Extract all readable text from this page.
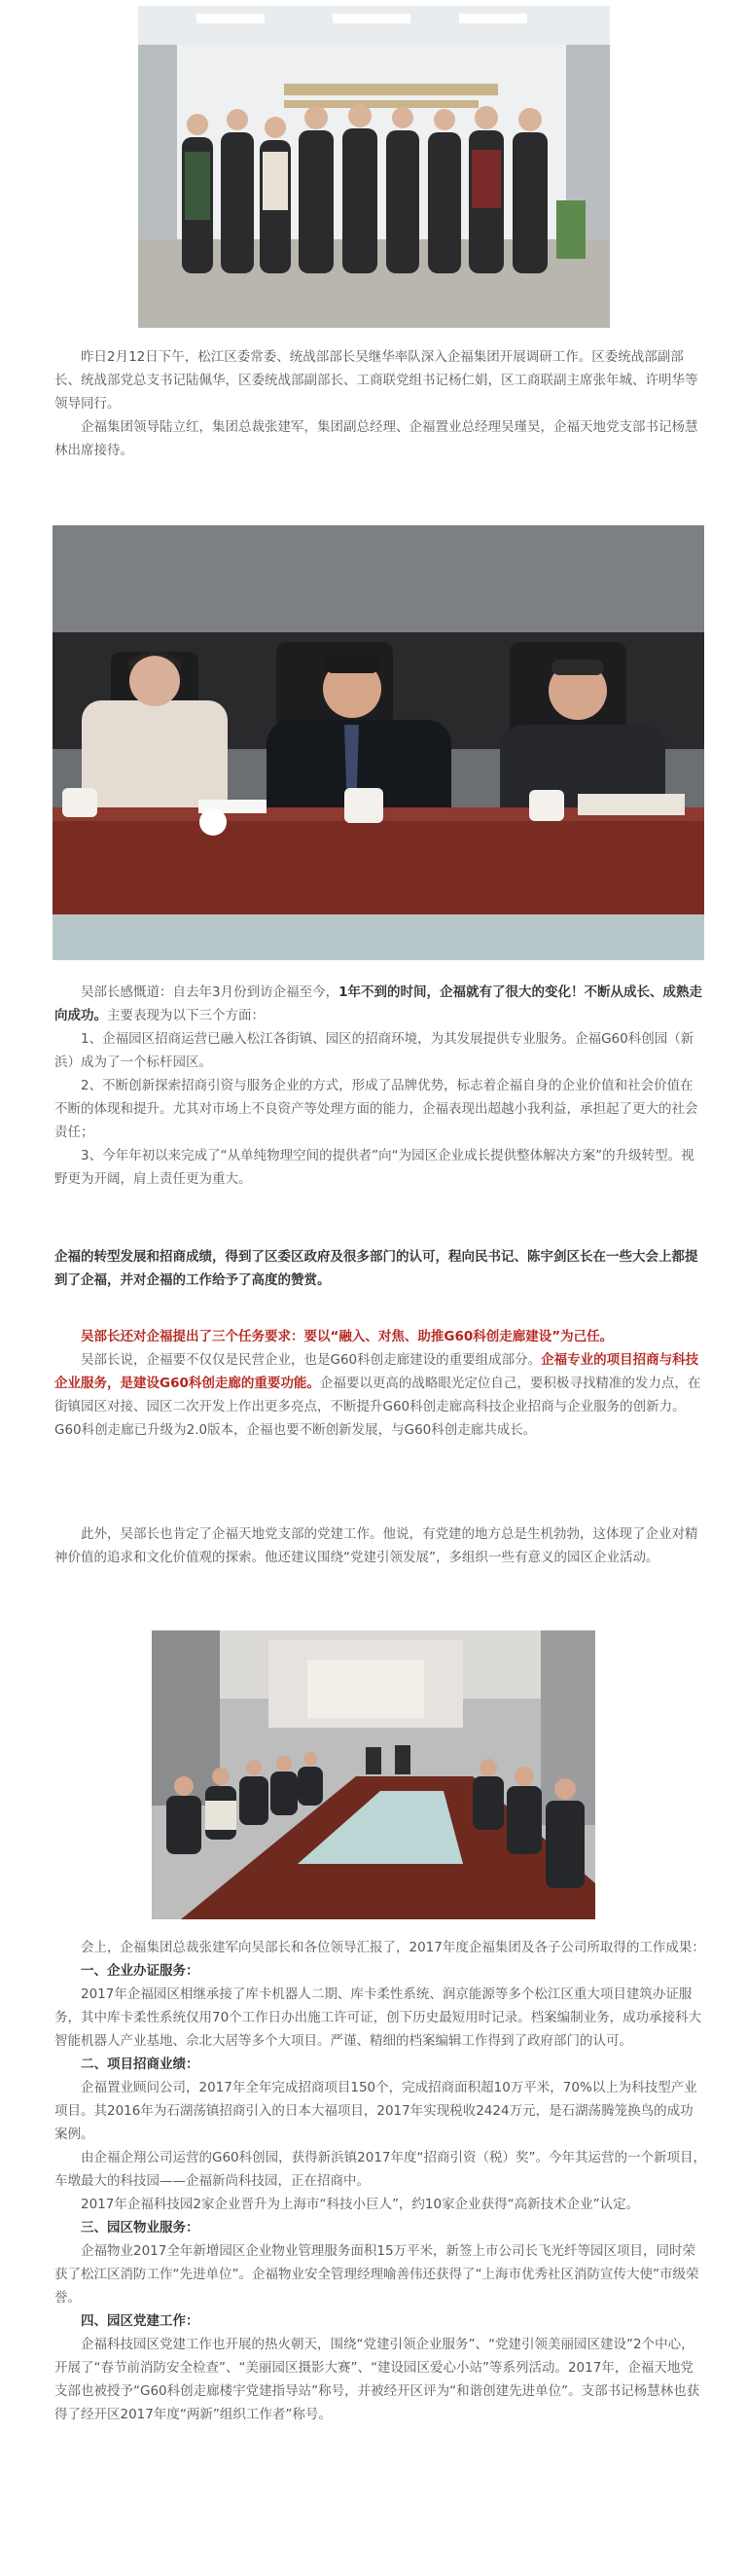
昨日2月12日下午，松江区委常委、统战部部长吴继华率队深入企福集团开展调研工作。区委统战部副部长、统战部党总支书记陆佩华，区委统战部副部长、工商联党组书记杨仁娟，区工商联副主席张年城、许明华等领导同行。

企福集团领导陆立红，集团总裁张建军，集团副总经理、企福置业总经理吴瑾昊，企福天地党支部书记杨慧林出席接待。

吴部长感慨道：自去年3月份到访企福至今，1年不到的时间，企福就有了很大的变化！不断从成长、成熟走向成功。主要表现为以下三个方面：

1、企福园区招商运营已融入松江各街镇、园区的招商环境，为其发展提供专业服务。企福G60科创园（新浜）成为了一个标杆园区。

2、不断创新探索招商引资与服务企业的方式，形成了品牌优势，标志着企福自身的企业价值和社会价值在不断的体现和提升。尤其对市场上不良资产等处理方面的能力，企福表现出超越小我利益，承担起了更大的社会责任；

3、今年年初以来完成了“从单纯物理空间的提供者”向“为园区企业成长提供整体解决方案”的升级转型。视野更为开阔，肩上责任更为重大。

企福的转型发展和招商成绩，得到了区委区政府及很多部门的认可，程向民书记、陈宇剑区长在一些大会上都提到了企福，并对企福的工作给予了高度的赞赏。

吴部长还对企福提出了三个任务要求：要以“融入、对焦、助推G60科创走廊建设”为己任。

吴部长说，企福要不仅仅是民营企业，也是G60科创走廊建设的重要组成部分。企福专业的项目招商与科技企业服务，是建设G60科创走廊的重要功能。企福要以更高的战略眼光定位自己，要积极寻找精准的发力点，在街镇园区对接、园区二次开发上作出更多亮点，不断提升G60科创走廊高科技企业招商与企业服务的创新力。G60科创走廊已升级为2.0版本，企福也要不断创新发展，与G60科创走廊共成长。

此外，吴部长也肯定了企福天地党支部的党建工作。他说，有党建的地方总是生机勃勃，这体现了企业对精神价值的追求和文化价值观的探索。他还建议围绕“党建引领发展”，多组织一些有意义的园区企业活动。

会上，企福集团总裁张建军向吴部长和各位领导汇报了，2017年度企福集团及各子公司所取得的工作成果：

一、企业办证服务：

2017年企福园区相继承接了库卡机器人二期、库卡柔性系统、润京能源等多个松江区重大项目建筑办证服务，其中库卡柔性系统仅用70个工作日办出施工许可证，创下历史最短用时记录。档案编制业务，成功承接科大智能机器人产业基地、佘北大居等多个大项目。严谨、精细的档案编辑工作得到了政府部门的认可。

二、项目招商业绩：

企福置业顾问公司，2017年全年完成招商项目150个，完成招商面积超10万平米，70%以上为科技型产业项目。其2016年为石湖荡镇招商引入的日本大福项目，2017年实现税收2424万元，是石湖荡腾笼换鸟的成功案例。

由企福企翔公司运营的G60科创园，获得新浜镇2017年度“招商引资（税）奖”。今年其运营的一个新项目，车墩最大的科技园——企福新尚科技园，正在招商中。

2017年企福科技园2家企业晋升为上海市“科技小巨人”，约10家企业获得“高新技术企业”认定。

三、园区物业服务：

企福物业2017全年新增园区企业物业管理服务面积15万平米，新签上市公司长飞光纤等园区项目，同时荣获了松江区消防工作“先进单位”。企福物业安全管理经理喻善伟还获得了“上海市优秀社区消防宣传大使”市级荣誉。

四、园区党建工作：

企福科技园区党建工作也开展的热火朝天，围绕“党建引领企业服务”、“党建引领美丽园区建设”2个中心，开展了“春节前消防安全检查”、“美丽园区摄影大赛”、“建设园区爱心小站”等系列活动。2017年，企福天地党支部也被授予“G60科创走廊楼宇党建指导站”称号，并被经开区评为“和谐创建先进单位”。支部书记杨慧林也获得了经开区2017年度“两新”组织工作者”称号。
